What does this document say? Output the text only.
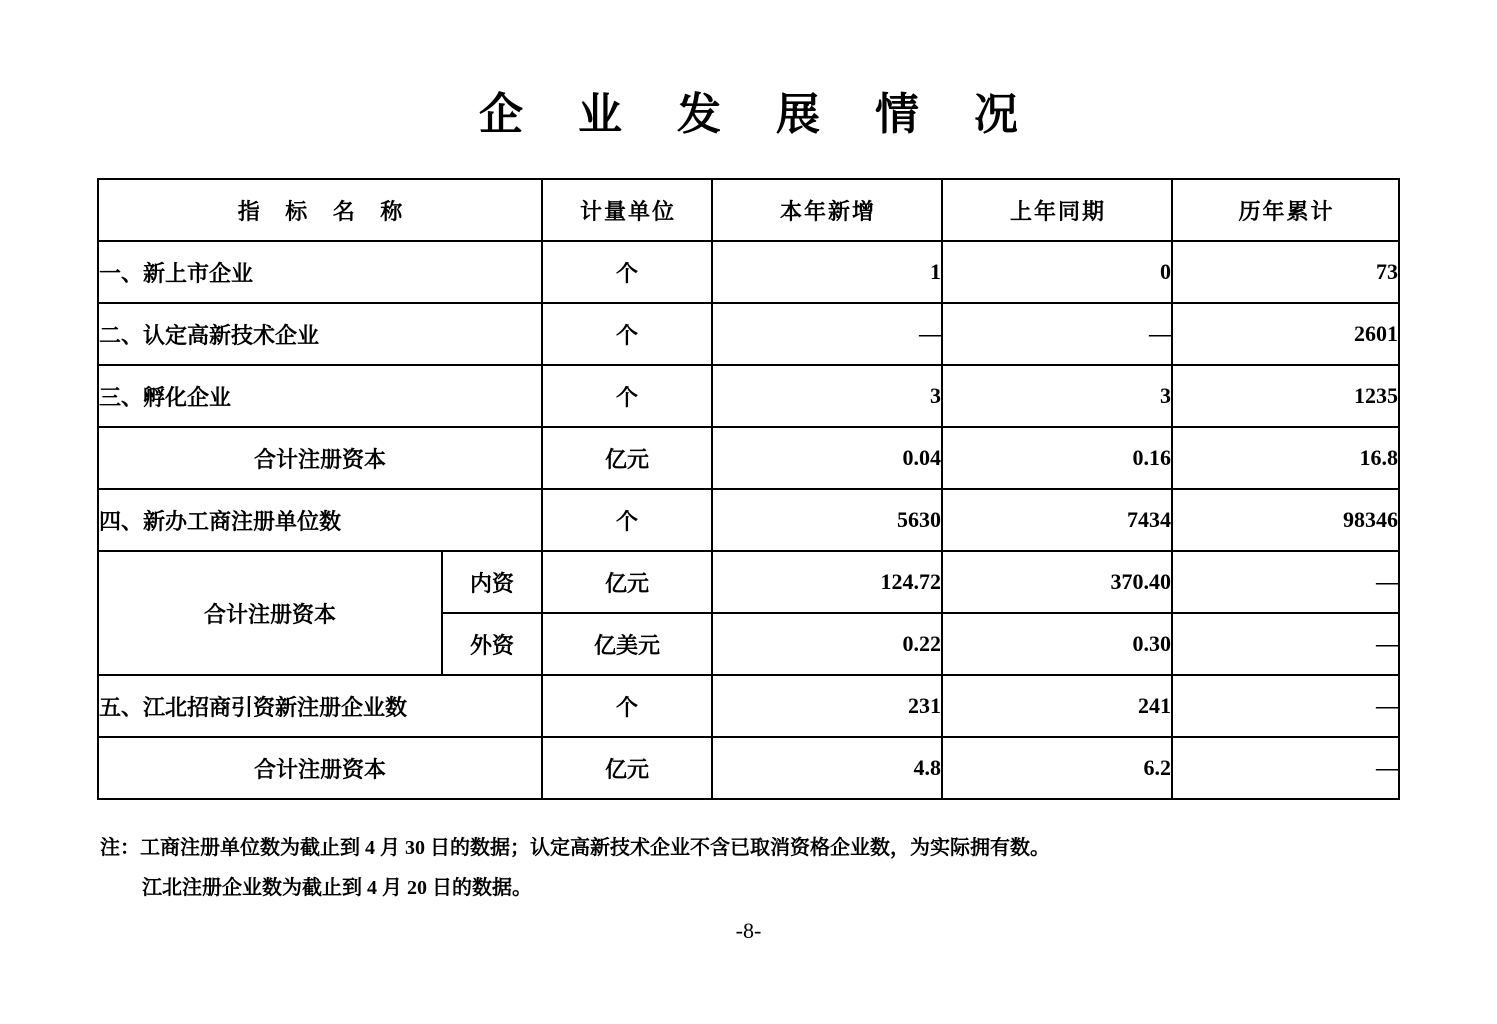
企 业 发 展 情 况
指 标 名 称		计量单位	本年新增	上年同期	历年累计
一、新上市企业		个	1	0	73
二、认定高新技术企业		个	—	—	2601
三、孵化企业		个	3	3	1235
合计注册资本		亿元	0.04	0.16	16.8
四、新办工商注册单位数		个	5630	7434	98346
合计注册资本	内资	亿元	124.72	370.40	—
	外资	亿美元	0.22	0.30	—
五、江北招商引资新注册企业数		个	231	241	—
合计注册资本		亿元	4.8	6.2	—
注：工商注册单位数为截止到 4 月 30 日的数据；认定高新技术企业不含已取消资格企业数，为实际拥有数。
江北注册企业数为截止到 4 月 20 日的数据。
-8-
